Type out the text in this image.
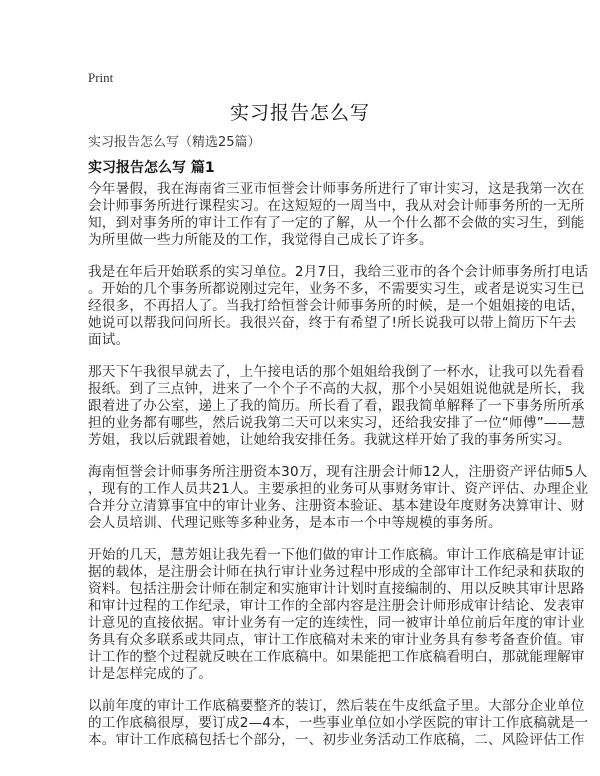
Print
实习报告怎么写
实习报告怎么写（精选25篇）
实习报告怎么写 篇1

今年暑假，我在海南省三亚市恒誉会计师事务所进行了审计实习，这是我第一次在
会计师事务所进行课程实习。在这短短的一周当中，我从对会计师事务所的一无所
知，到对事务所的审计工作有了一定的了解，从一个什么都不会做的实习生，到能
为所里做一些力所能及的工作，我觉得自己成长了许多。

我是在年后开始联系的实习单位。2月7日，我给三亚市的各个会计师事务所打电话
。开始的几个事务所都说刚过完年，业务不多，不需要实习生，或者是说实习生已
经很多，不再招人了。当我打给恒誉会计师事务所的时候，是一个姐姐接的电话，
她说可以帮我问问所长。我很兴奋，终于有希望了!所长说我可以带上简历下午去
面试。

那天下午我很早就去了，上午接电话的那个姐姐给我倒了一杯水，让我可以先看看
报纸。到了三点钟，进来了一个个子不高的大叔，那个小吴姐姐说他就是所长，我
跟着进了办公室，递上了我的简历。所长看了看，跟我简单解释了一下事务所所承
担的业务都有哪些，然后说我第二天可以来实习，还给我安排了一位“师傅”——慧
芳姐，我以后就跟着她，让她给我安排任务。我就这样开始了我的事务所实习。

海南恒誉会计师事务所注册资本30万，现有注册会计师12人，注册资产评估师5人
，现有的工作人员共21人。主要承担的业务可从事财务审计、资产评估、办理企业
合并分立清算事宜中的审计业务、注册资本验证、基本建设年度财务决算审计、财
会人员培训、代理记账等多种业务，是本市一个中等规模的事务所。

开始的几天，慧芳姐让我先看一下他们做的审计工作底稿。审计工作底稿是审计证
据的载体，是注册会计师在执行审计业务过程中形成的全部审计工作纪录和获取的
资料。包括注册会计师在制定和实施审计计划时直接编制的、用以反映其审计思路
和审计过程的工作纪录，审计工作的全部内容是注册会计师形成审计结论、发表审
计意见的直接依据。审计业务有一定的连续性，同一被审计单位前后年度的审计业
务具有众多联系或共同点，审计工作底稿对未来的审计业务具有参考备查价值。审
计工作的整个过程就反映在工作底稿中。如果能把工作底稿看明白，那就能理解审
计是怎样完成的了。

以前年度的审计工作底稿要整齐的装订，然后装在牛皮纸盒子里。大部分企业单位
的工作底稿很厚，要订成2—4本，一些事业单位如小学医院的审计工作底稿就是一
本。审计工作底稿包括七个部分，一、初步业务活动工作底稿，二、风险评估工作
